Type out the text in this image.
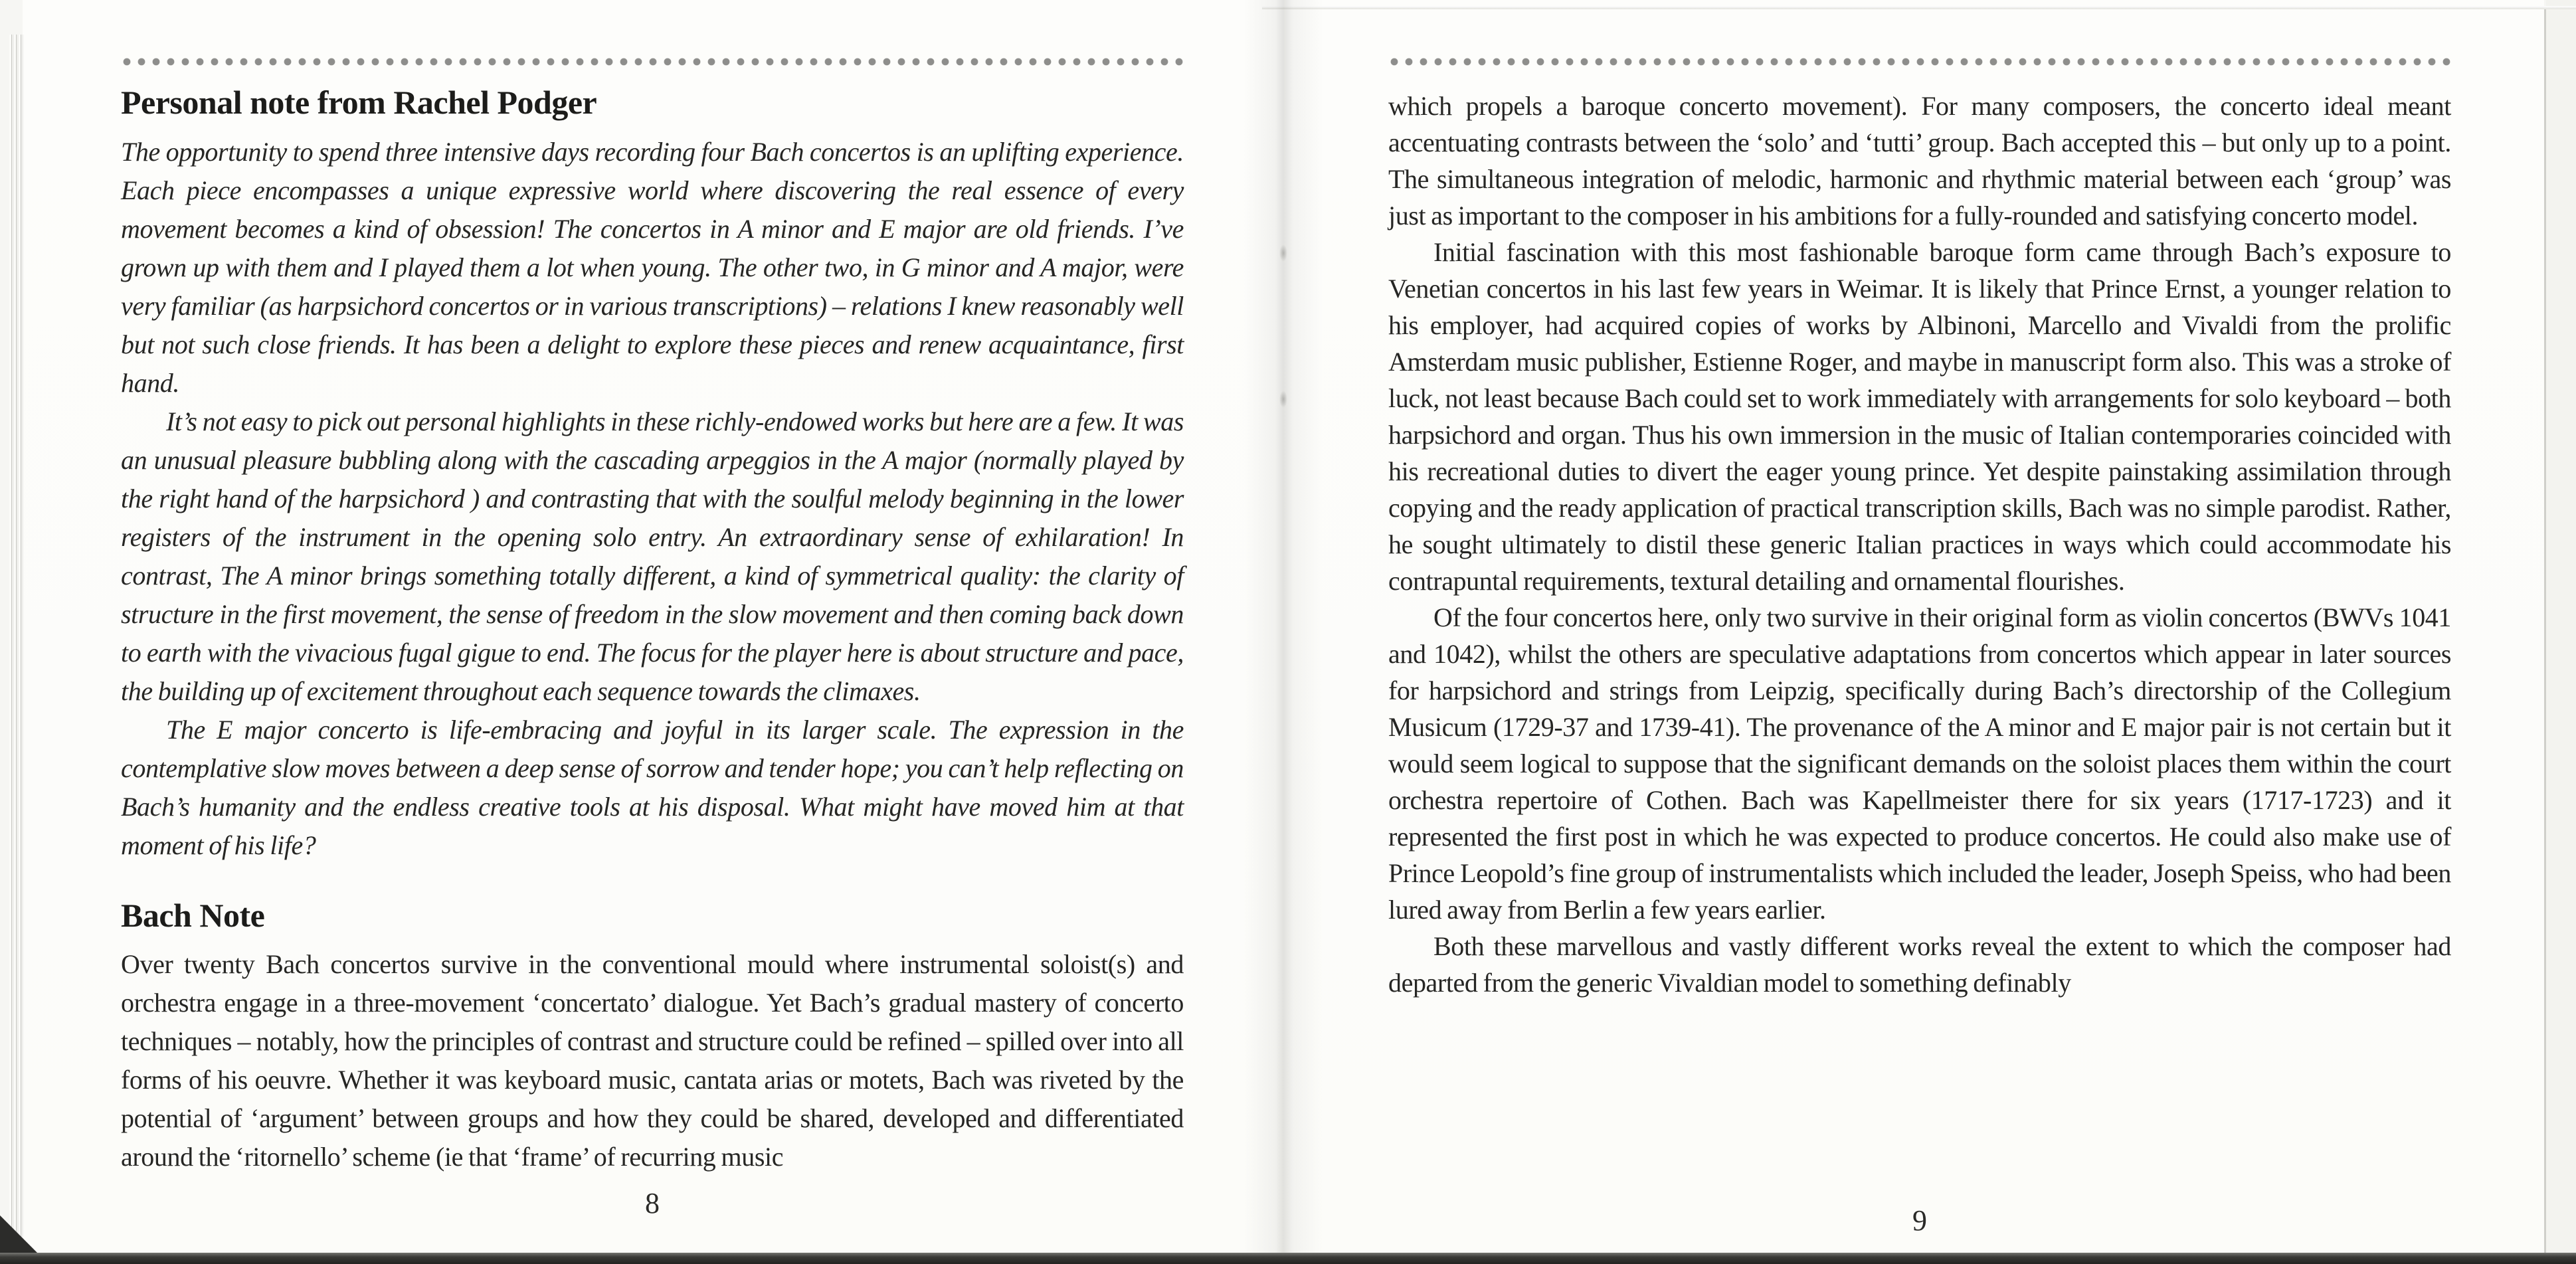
Personal note from Rachel Podger

The opportunity to spend three intensive days recording four Bach concertos is an uplifting experience. Each piece encompasses a unique expressive world where discovering the real essence of every movement becomes a kind of obsession! The concertos in A minor and E major are old friends. I’ve grown up with them and I played them a lot when young. The other two, in G minor and A major, were very familiar (as harpsichord concertos or in various transcriptions) – relations I knew reasonably well but not such close friends. It has been a delight to explore these pieces and renew acquaintance, first hand.

It’s not easy to pick out personal highlights in these richly-endowed works but here are a few. It was an unusual pleasure bubbling along with the cascading arpeggios in the A major (normally played by the right hand of the harpsichord ) and contrasting that with the soulful melody beginning in the lower registers of the instrument in the opening solo entry. An extraordinary sense of exhilaration! In contrast, The A minor brings something totally different, a kind of symmetrical quality: the clarity of structure in the first movement, the sense of freedom in the slow movement and then coming back down to earth with the vivacious fugal gigue to end. The focus for the player here is about structure and pace, the building up of excitement throughout each sequence towards the climaxes.

The E major concerto is life-embracing and joyful in its larger scale. The expression in the contemplative slow moves between a deep sense of sorrow and tender hope; you can’t help reflecting on Bach’s humanity and the endless creative tools at his disposal. What might have moved him at that moment of his life?

Bach Note

Over twenty Bach concertos survive in the conventional mould where instrumental soloist(s) and orchestra engage in a three-movement ‘concertato’ dialogue. Yet Bach’s gradual mastery of concerto techniques – notably, how the principles of contrast and structure could be refined – spilled over into all forms of his oeuvre. Whether it was keyboard music, cantata arias or motets, Bach was riveted by the potential of ‘argument’ between groups and how they could be shared, developed and differentiated around the ‘ritornello’ scheme (ie that ‘frame’ of recurring music

which propels a baroque concerto movement). For many composers, the concerto ideal meant accentuating contrasts between the ‘solo’ and ‘tutti’ group. Bach accepted this – but only up to a point. The simultaneous integration of melodic, harmonic and rhythmic material between each ‘group’ was just as important to the composer in his ambitions for a fully-rounded and satisfying concerto model.

Initial fascination with this most fashionable baroque form came through Bach’s exposure to Venetian concertos in his last few years in Weimar. It is likely that Prince Ernst, a younger relation to his employer, had acquired copies of works by Albinoni, Marcello and Vivaldi from the prolific Amsterdam music publisher, Estienne Roger, and maybe in manuscript form also. This was a stroke of luck, not least because Bach could set to work immediately with arrangements for solo keyboard – both harpsichord and organ. Thus his own immersion in the music of Italian contemporaries coincided with his recreational duties to divert the eager young prince. Yet despite painstaking assimilation through copying and the ready application of practical transcription skills, Bach was no simple parodist. Rather, he sought ultimately to distil these generic Italian practices in ways which could accommodate his contrapuntal requirements, textural detailing and ornamental flourishes.

Of the four concertos here, only two survive in their original form as violin concertos (BWVs 1041 and 1042), whilst the others are speculative adaptations from concertos which appear in later sources for harpsichord and strings from Leipzig, specifically during Bach’s directorship of the Collegium Musicum (1729-37 and 1739-41). The provenance of the A minor and E major pair is not certain but it would seem logical to suppose that the significant demands on the soloist places them within the court orchestra repertoire of Cothen. Bach was Kapellmeister there for six years (1717-1723) and it represented the first post in which he was expected to produce concertos. He could also make use of Prince Leopold’s fine group of instrumentalists which included the leader, Joseph Speiss, who had been lured away from Berlin a few years earlier.

Both these marvellous and vastly different works reveal the extent to which the composer had departed from the generic Vivaldian model to something definably

8
9
